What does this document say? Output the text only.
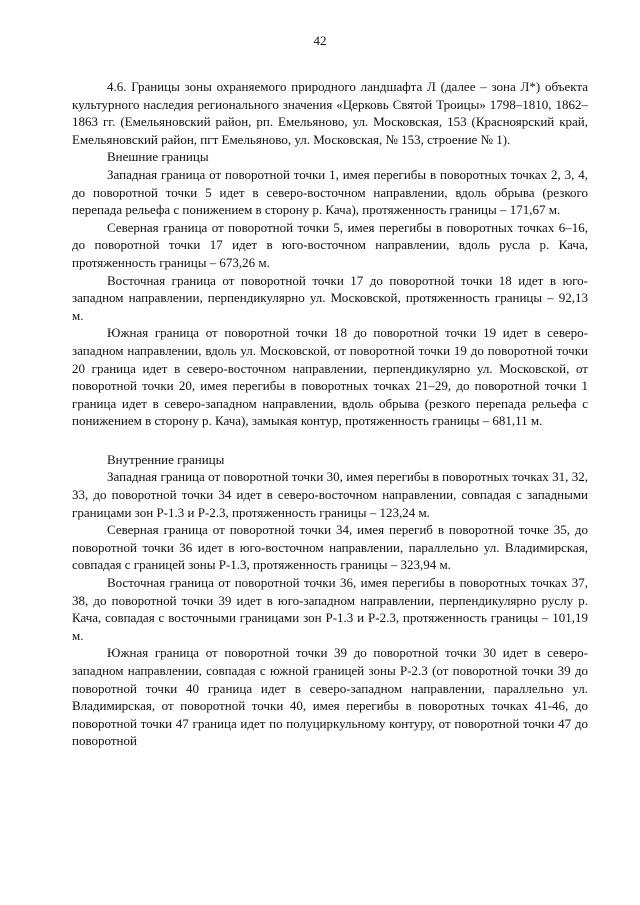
42

4.6. Границы зоны охраняемого природного ландшафта Л (далее – зона Л*) объекта культурного наследия регионального значения «Церковь Святой Троицы» 1798–1810, 1862–1863 гг. (Емельяновский район, рп. Емельяново, ул. Московская, 153 (Красноярский край, Емельяновский район, пгт Емельяново, ул. Московская, № 153, строение № 1).

Внешние границы

Западная граница от поворотной точки 1, имея перегибы в поворотных точках 2, 3, 4, до поворотной точки 5 идет в северо-восточном направлении, вдоль обрыва (резкого перепада рельефа с понижением в сторону р. Кача), протяженность границы – 171,67 м.

Северная граница от поворотной точки 5, имея перегибы в поворотных точках 6–16, до поворотной точки 17 идет в юго-восточном направлении, вдоль русла р. Кача, протяженность границы – 673,26 м.

Восточная граница от поворотной точки 17 до поворотной точки 18 идет в юго-западном направлении, перпендикулярно ул. Московской, протяженность границы – 92,13 м.

Южная граница от поворотной точки 18 до поворотной точки 19 идет в северо-западном направлении, вдоль ул. Московской, от поворотной точки 19 до поворотной точки 20 граница идет в северо-восточном направлении, перпендикулярно ул. Московской, от поворотной точки 20, имея перегибы в поворотных точках 21–29, до поворотной точки 1 граница идет в северо-западном направлении, вдоль обрыва (резкого перепада рельефа с понижением в сторону р. Кача), замыкая контур, протяженность границы – 681,11 м.

Внутренние границы

Западная граница от поворотной точки 30, имея перегибы в поворотных точках 31, 32, 33, до поворотной точки 34 идет в северо-восточном направлении, совпадая с западными границами зон Р-1.3 и Р-2.3, протяженность границы – 123,24 м.

Северная граница от поворотной точки 34, имея перегиб в поворотной точке 35, до поворотной точки 36 идет в юго-восточном направлении, параллельно ул. Владимирская, совпадая с границей зоны Р-1.3, протяженность границы – 323,94 м.

Восточная граница от поворотной точки 36, имея перегибы в поворотных точках 37, 38, до поворотной точки 39 идет в юго-западном направлении, перпендикулярно руслу р. Кача, совпадая с восточными границами зон Р-1.3 и Р-2.3, протяженность границы – 101,19 м.

Южная граница от поворотной точки 39 до поворотной точки 30 идет в северо-западном направлении, совпадая с южной границей зоны Р-2.3 (от поворотной точки 39 до поворотной точки 40 граница идет в северо-западном направлении, параллельно ул. Владимирская, от поворотной точки 40, имея перегибы в поворотных точках 41-46, до поворотной точки 47 граница идет по полуциркульному контуру, от поворотной точки 47 до поворотной
